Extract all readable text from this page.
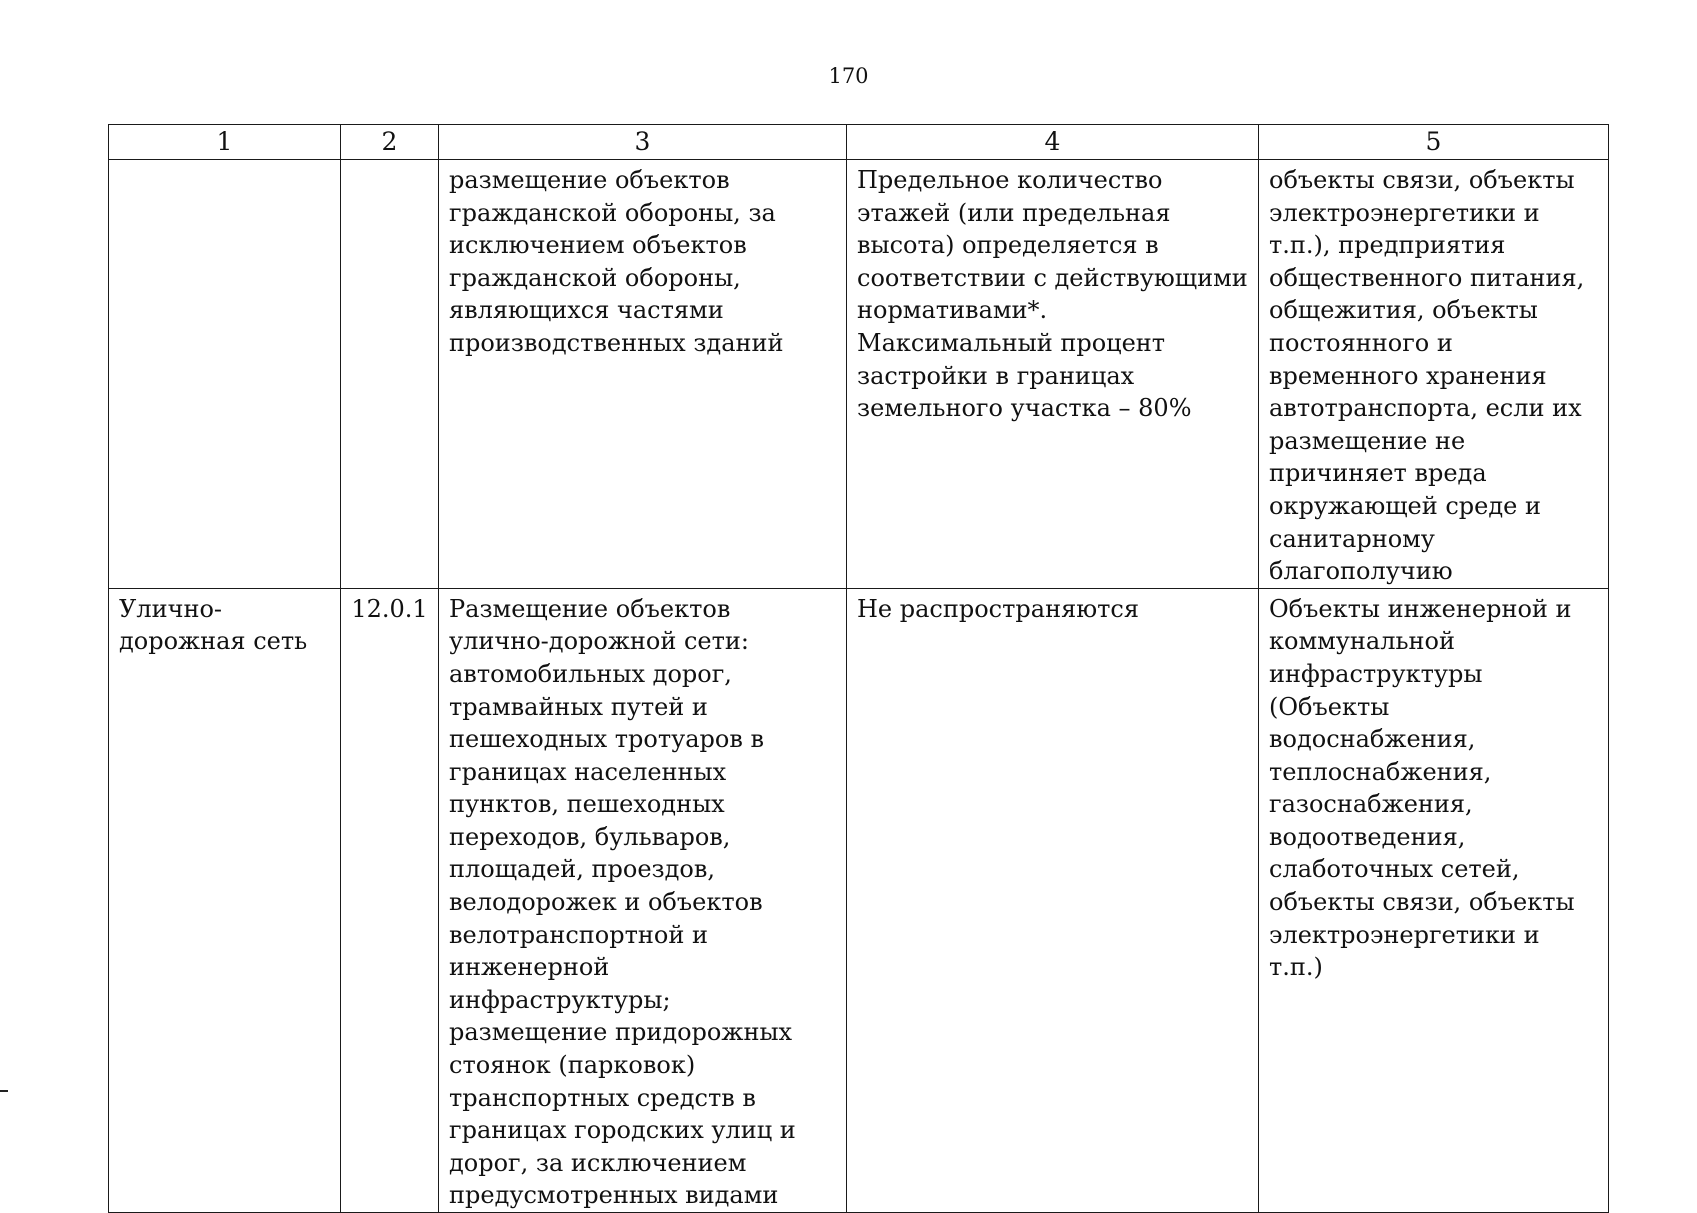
170
1	2	3	4	5
		размещение объектов гражданской обороны, за исключением объектов гражданской обороны, являющихся частями производственных зданий	Предельное количество этажей (или предельная высота) определяется в соответствии с действующими нормативами*. Максимальный процент застройки в границах земельного участка – 80%	объекты связи, объекты электроэнергетики и т.п.), предприятия общественного питания, общежития, объекты постоянного и временного хранения автотранспорта, если их размещение не причиняет вреда окружающей среде и санитарному благополучию
Улично-дорожная сеть	12.0.1	Размещение объектов улично-дорожной сети: автомобильных дорог, трамвайных путей и пешеходных тротуаров в границах населенных пунктов, пешеходных переходов, бульваров, площадей, проездов, велодорожек и объектов велотранспортной и инженерной инфраструктуры; размещение придорожных стоянок (парковок) транспортных средств в границах городских улиц и дорог, за исключением предусмотренных видами	Не распространяются	Объекты инженерной и коммунальной инфраструктуры (Объекты водоснабжения, теплоснабжения, газоснабжения, водоотведения, слаботочных сетей, объекты связи, объекты электроэнергетики и т.п.)
